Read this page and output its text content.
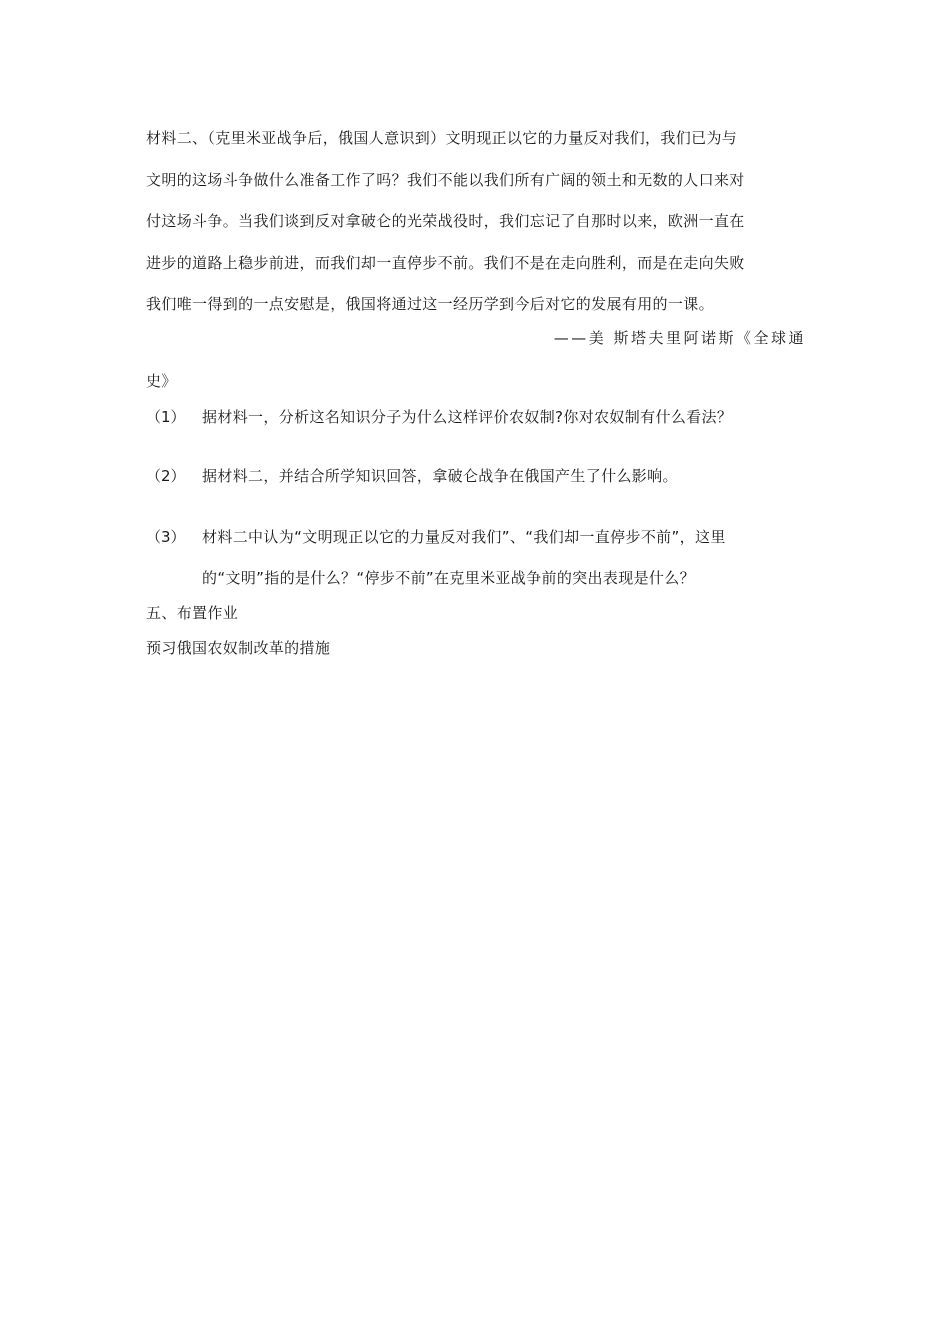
材料二、（克里米亚战争后，俄国人意识到）文明现正以它的力量反对我们，我们已为与
文明的这场斗争做什么准备工作了吗？我们不能以我们所有广阔的领土和无数的人口来对
付这场斗争。当我们谈到反对拿破仑的光荣战役时，我们忘记了自那时以来，欧洲一直在
进步的道路上稳步前进，而我们却一直停步不前。我们不是在走向胜利，而是在走向失败
我们唯一得到的一点安慰是，俄国将通过这一经历学到今后对它的发展有用的一课。
——美 斯塔夫里阿诺斯《全球通
史》
（1） 据材料一，分析这名知识分子为什么这样评价农奴制?你对农奴制有什么看法？
（2） 据材料二，并结合所学知识回答，拿破仑战争在俄国产生了什么影响。
（3） 材料二中认为“文明现正以它的力量反对我们”、“我们却一直停步不前”，这里
的“文明”指的是什么？“停步不前”在克里米亚战争前的突出表现是什么？
五、布置作业
预习俄国农奴制改革的措施
